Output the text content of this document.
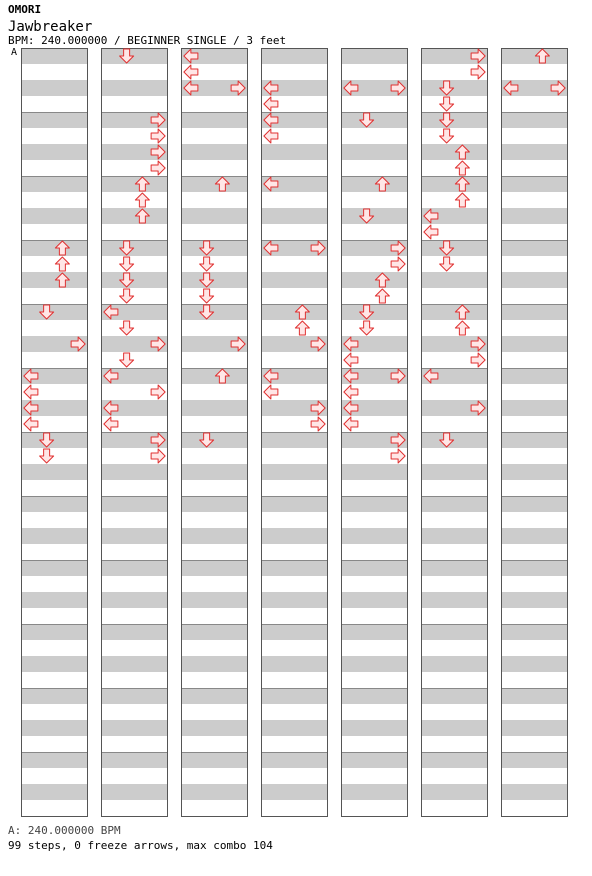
OMORI
Jawbreaker
BPM: 240.000000 / BEGINNER SINGLE / 3 feet
A
A: 240.000000 BPM
99 steps, 0 freeze arrows, max combo 104
